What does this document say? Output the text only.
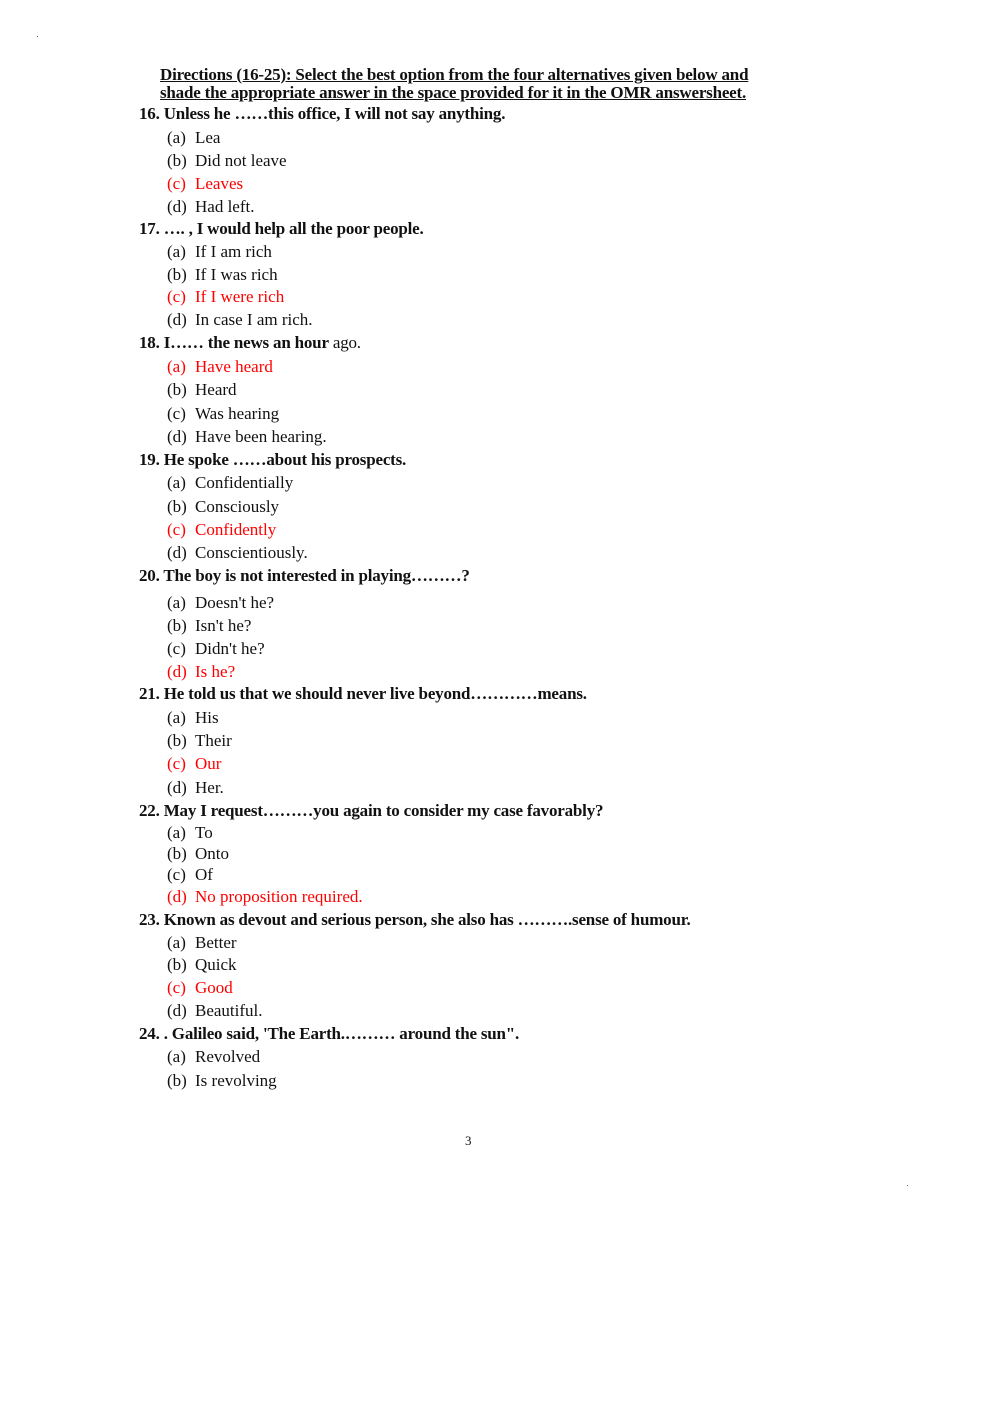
Directions (16-25): Select the best option from the four alternatives given below and
shade the appropriate answer in the space provided for it in the OMR answersheet.
16. Unless he ……this office, I will not say anything.
(a) Lea
(b) Did not leave
(c) Leaves
(d) Had left.
17. …. , I would help all the poor people.
(a) If I am rich
(b) If I was rich
(c) If I were rich
(d) In case I am rich.
18. I…… the news an hour ago.
(a) Have heard
(b) Heard
(c) Was hearing
(d) Have been hearing.
19. He spoke ……about his prospects.
(a) Confidentially
(b) Consciously
(c) Confidently
(d) Conscientiously.
20. The boy is not interested in playing………?
(a) Doesn't he?
(b) Isn't he?
(c) Didn't he?
(d) Is he?
21. He told us that we should never live beyond…………means.
(a) His
(b) Their
(c) Our
(d) Her.
22. May I request………you again to consider my case favorably?
(a) To
(b) Onto
(c) Of
(d) No proposition required.
23. Known as devout and serious person, she also has ……….sense of humour.
(a) Better
(b) Quick
(c) Good
(d) Beautiful.
24. . Galileo said, 'The Earth.……… around the sun".
(a) Revolved
(b) Is revolving
3
